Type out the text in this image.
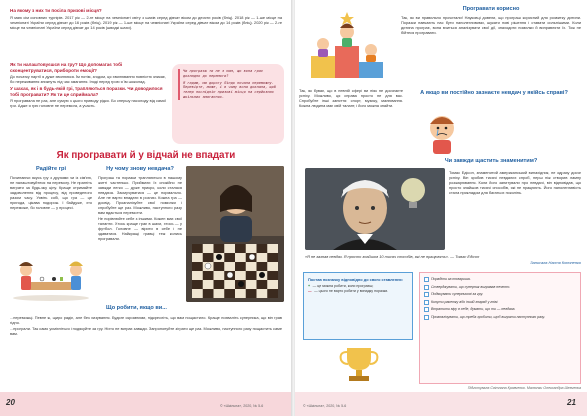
На якому з них ти посіла призові місця?

Я маю сім основних турнірів. 2017 рік — 2-ге місце на чемпіонаті світу з шахів серед дівчат віком до десяти років (бліц). 2018 рік — 1-ше місце на чемпіонаті України серед дівчат до 16 років (бліц). 2019 рік — 1-ше місце на чемпіонаті України серед дівчат віком до 14 років (бліц). 2020 рік — 2-ге місце на чемпіонаті України серед дівчат до 14 років (швидкі шахи).

Як ти налаштовуєшся на гру? Що допомагає тобі сконцентруватися, прибороти емоції?

До початку партії я дуже хвилююся. Їм потім, згодом, ця хвилювання повністю зникає, бо переживання зникнуть під час змагання. Іноді перед грою я їм шоколад.

У шахах, як і в будь-якій грі, трапляються поразки. Чи доводилося тобі програвати? Як ти це сприймала?

Я програвала не раз, але сумую з цього приводу рідко. Бо спершу насолоду від самої гри. Адже я грю головне не перемога, а участь.

Чи програєш ти не з ним, що вона грає докладно до перемоги?
Я гадаю, ми дорогу Ліндо почала переможну. Перевірте, може, і в чому вона доклала, щоб телер посліднін призові місця на серйозних шкільних змаганнях.
Як програвати й у відчай не впадати
Радійте грі

Починаючи якусь гру з друзями чи із сім'єю, не налаштовуйтеся на перемогу. Не прагніть виграти за будь-яку ціну. Краще отримайте задоволення від процесу, від проведеного разом часу. Уявіть собі, що гра — це пригода, цікава подорож. І байдуже, хто переможе, бо головне — у процесі.

Що робити, якщо ви...

...переможці. Певне ж, щиро радіє, але без хизування. Будьте скромними, підкресліть, що вам пощастило. Краще похваліть суперника, що він грав гідно.

...програли. Так само усміхніться і подякуйте за гру. Ніхто не виграє завжди. Запропонуйте зіграти ще раз. Можливо, наступного разу пощастить саме вам.

Ну чому знову невдача?

Програш та поразки трапляються в нашому житті частенько. Приймати їх спокійно не завжди легко — дуже прикро, коли сталася невдача. Засмучуватися — це нормально. Але не варто впадати в розпач. Кожна гра — досвід. Проаналізуйте свої помилки і спробуйте ще раз. Можливо, наступного разу вам вдасться перемогти.

Не порівнюйте себе з іншими. Кожен має свої таланти. Хтось краще грає в шахи, хтось — у футбол. Головне — вірити в себе і не здаватися. Найкращі гравці теж колись програвали.

20	© «Шкільна», 2020, № 5-6
Програвати корисно

Так, як ви правильно прочитали! Науковці довели, що програш корисний для розвитку дитини. Поразки навчають нас бути наполегливими, шукати нові рішення і ставати сильнішими. Коли дитина програє, вона вчиться аналізувати свої дії, знаходити помилки й виправляти їх. Тож не бійтеся програвати.

Так, як буває, що в певній сфері ви ніяк не досягаєте успіху. Можливо, ця справа просто не для вас. Спробуйте інші заняття: спорт, музику, малювання. Кожна людина має свій талант, і його можна знайти.

А якщо ви постійно зазнаєте невдач у якійсь справі?
Чи завжди щастить знаменитим?

Томас Едісон, знаменитий американський винахідник, не одразу досяг успіху. Він зробив тисячі невдалих спроб, перш ніж створив лампу розжарювання. Коли його запитували про невдачі, він відповідав, що просто знайшов тисячі способів, які не працюють. Його наполегливість стала прикладом для багатьох поколінь.

«Я не зазнав невдач. Я просто знайшов 10 тисяч способів, які не працюють». — Томас Едісон

Записала Настя Кононенко
Постав позначку відповідно до свого ставлення:
+ — це можна робити, коли програєш;
— — цього не варто робити у випадку поразки.
Порадіти за товариша.
Стверджувати, що суперник вигравав нечесно.
Подякувати суперникові за гру.
Кинути ракетку або іншій знаряд у гніві.
Втратити віру в себе, думати, що ти — невдаха.
Проаналізувати, що треба зробити, щоб виграти наступного разу.
Підготувала Світлана Кравченко. Малюнки Олександра Шевченка
© «Шкільна», 2020, № 5-6	21
